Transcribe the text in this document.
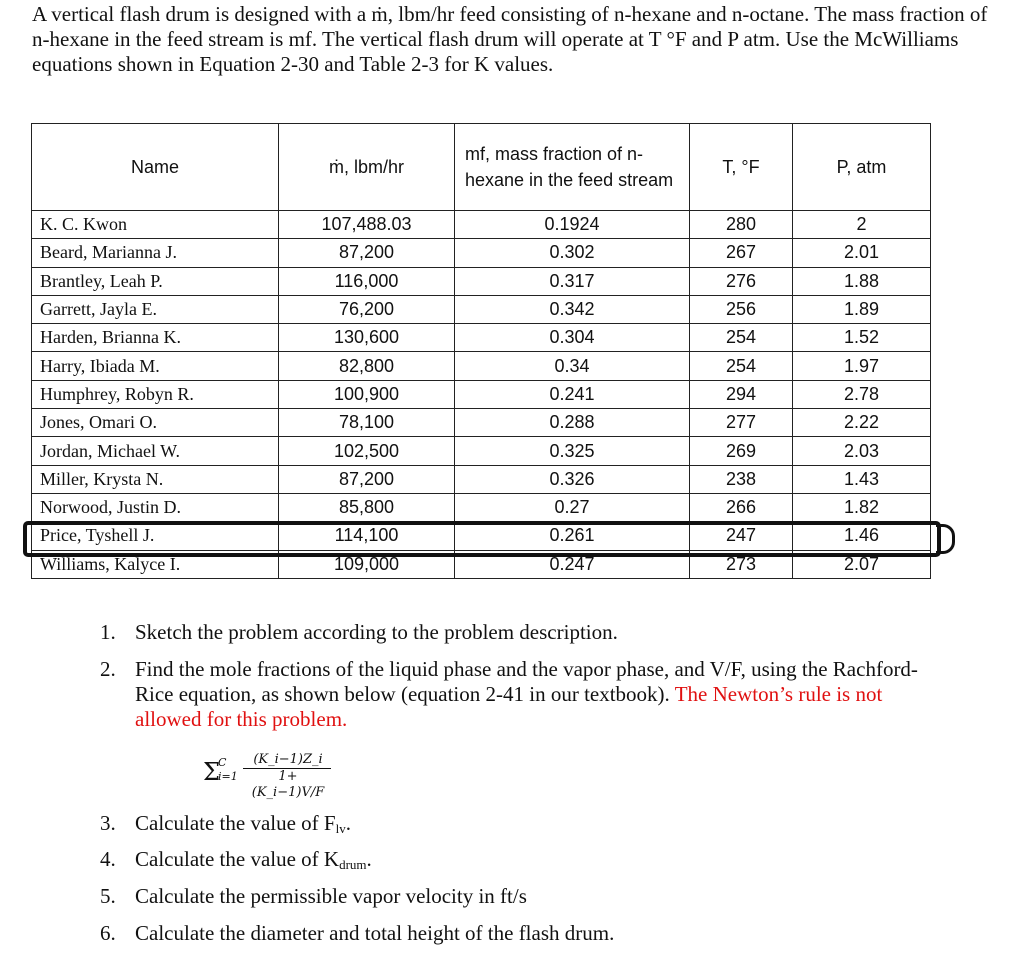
A vertical flash drum is designed with a ṁ, lbm/hr feed consisting of n-hexane and n-octane. The mass fraction of n-hexane in the feed stream is mf. The vertical flash drum will operate at T °F and P atm. Use the McWilliams equations shown in Equation 2-30 and Table 2-3 for K values.

Name	ṁ, lbm/hr	mf, mass fraction of n-hexane in the feed stream	T, °F	P, atm
K. C. Kwon	107,488.03	0.1924	280	2
Beard, Marianna J.	87,200	0.302	267	2.01
Brantley, Leah P.	116,000	0.317	276	1.88
Garrett, Jayla E.	76,200	0.342	256	1.89
Harden, Brianna K.	130,600	0.304	254	1.52
Harry, Ibiada M.	82,800	0.34	254	1.97
Humphrey, Robyn R.	100,900	0.241	294	2.78
Jones, Omari O.	78,100	0.288	277	2.22
Jordan, Michael W.	102,500	0.325	269	2.03
Miller, Krysta N.	87,200	0.326	238	1.43
Norwood, Justin D.	85,800	0.27	266	1.82
Price, Tyshell J.	114,100	0.261	247	1.46
Williams, Kalyce I.	109,000	0.247	273	2.07
1. Sketch the problem according to the problem description.
2. Find the mole fractions of the liquid phase and the vapor phase, and V/F, using the Rachford-Rice equation, as shown below (equation 2-41 in our textbook). The Newton’s rule is not allowed for this problem.
Σ
C
i=1
(K_i−1)Z_i
1+(K_i−1)V/F
3. Calculate the value of Flv.
4. Calculate the value of Kdrum.
5. Calculate the permissible vapor velocity in ft/s
6. Calculate the diameter and total height of the flash drum.
